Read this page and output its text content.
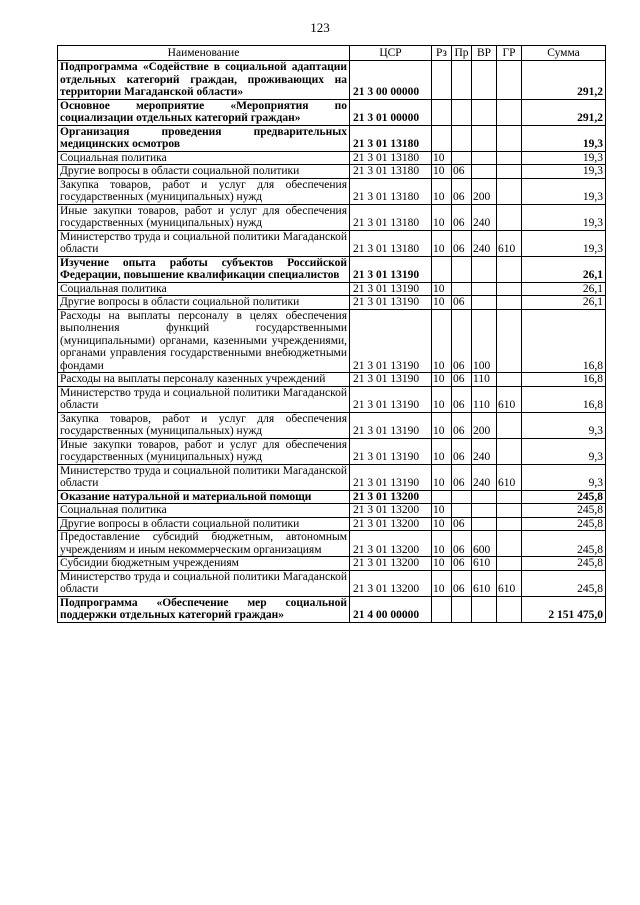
123
Наименование	ЦСР	Рз	Пр	ВР	ГР	Сумма
Подпрограмма «Содействие в социальной адаптации отдельных категорий граждан, проживающих на территории Магаданской области»	21 3 00 00000					291,2
Основное мероприятие «Мероприятия по социализации отдельных категорий граждан»	21 3 01 00000					291,2
Организация проведения предварительных медицинских осмотров	21 3 01 13180					19,3
Социальная политика	21 3 01 13180	10				19,3
Другие вопросы в области социальной политики	21 3 01 13180	10	06			19,3
Закупка товаров, работ и услуг для обеспечения государственных (муниципальных) нужд	21 3 01 13180	10	06	200		19,3
Иные закупки товаров, работ и услуг для обеспечения государственных (муниципальных) нужд	21 3 01 13180	10	06	240		19,3
Министерство труда и социальной политики Магаданской области	21 3 01 13180	10	06	240	610	19,3
Изучение опыта работы субъектов Российской Федерации, повышение квалификации специалистов	21 3 01 13190					26,1
Социальная политика	21 3 01 13190	10				26,1
Другие вопросы в области социальной политики	21 3 01 13190	10	06			26,1
Расходы на выплаты персоналу в целях обеспечения выполнения функций государственными (муниципальными) органами, казенными учреждениями, органами управления государственными внебюджетными фондами	21 3 01 13190	10	06	100		16,8
Расходы на выплаты персоналу казенных учреждений	21 3 01 13190	10	06	110		16,8
Министерство труда и социальной политики Магаданской области	21 3 01 13190	10	06	110	610	16,8
Закупка товаров, работ и услуг для обеспечения государственных (муниципальных) нужд	21 3 01 13190	10	06	200		9,3
Иные закупки товаров, работ и услуг для обеспечения государственных (муниципальных) нужд	21 3 01 13190	10	06	240		9,3
Министерство труда и социальной политики Магаданской области	21 3 01 13190	10	06	240	610	9,3
Оказание натуральной и материальной помощи	21 3 01 13200					245,8
Социальная политика	21 3 01 13200	10				245,8
Другие вопросы в области социальной политики	21 3 01 13200	10	06			245,8
Предоставление субсидий бюджетным, автономным учреждениям и иным некоммерческим организациям	21 3 01 13200	10	06	600		245,8
Субсидии бюджетным учреждениям	21 3 01 13200	10	06	610		245,8
Министерство труда и социальной политики Магаданской области	21 3 01 13200	10	06	610	610	245,8
Подпрограмма «Обеспечение мер социальной поддержки отдельных категорий граждан»	21 4 00 00000					2 151 475,0
